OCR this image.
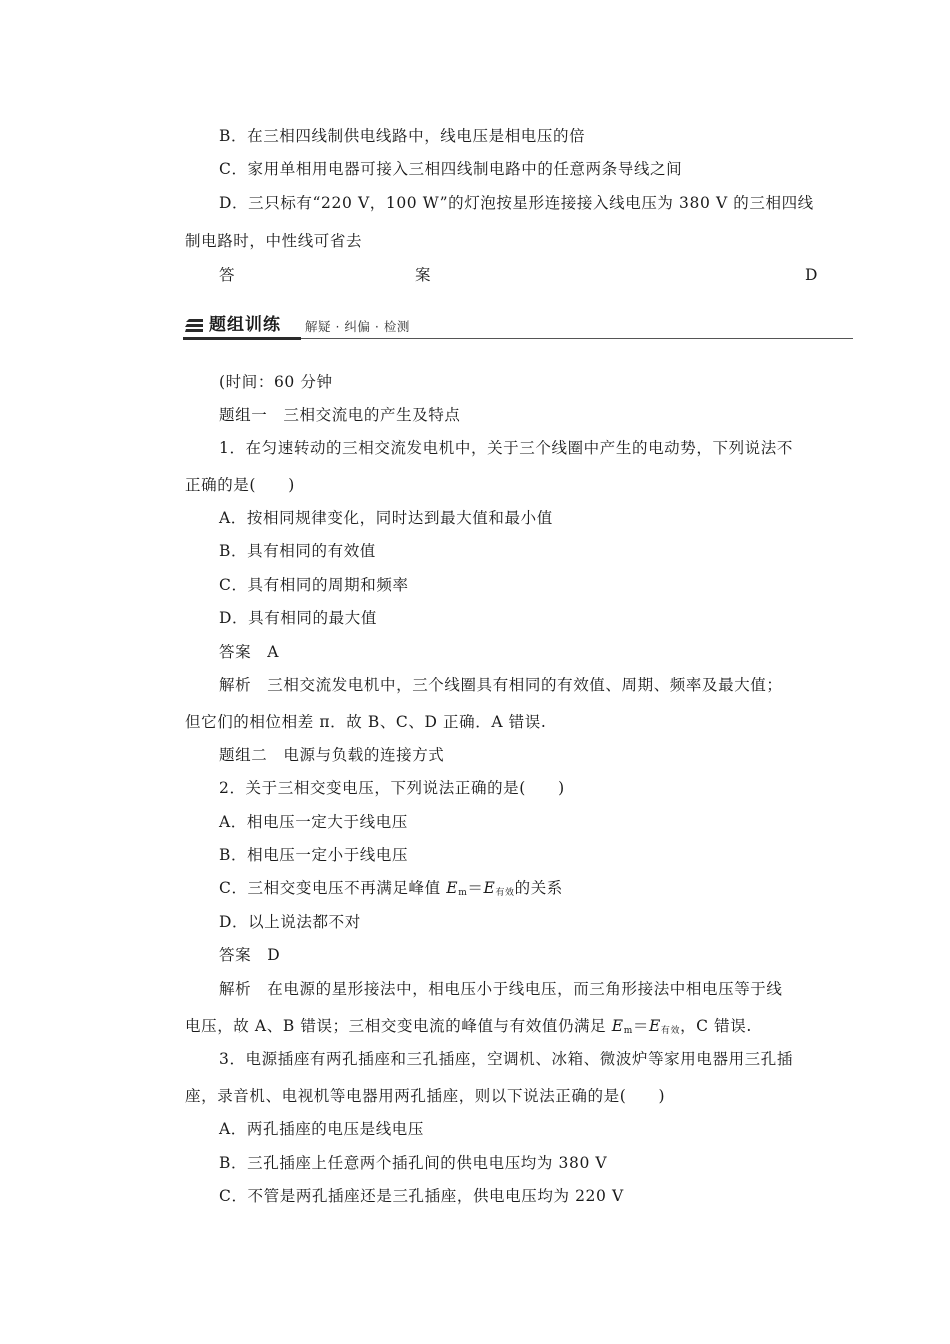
B．在三相四线制供电线路中，线电压是相电压的倍
C．家用单相用电器可接入三相四线制电路中的任意两条导线之间
D．三只标有“220 V，100 W”的灯泡按星形连接接入线电压为 380 V 的三相四线
制电路时，中性线可省去
答	案	D
题组训练 解疑 · 纠偏 · 检测
(时间：60 分钟
题组一　三相交流电的产生及特点
1．在匀速转动的三相交流发电机中，关于三个线圈中产生的电动势，下列说法不
正确的是(　　)
A．按相同规律变化，同时达到最大值和最小值
B．具有相同的有效值
C．具有相同的周期和频率
D．具有相同的最大值
答案　A
解析　三相交流发电机中，三个线圈具有相同的有效值、周期、频率及最大值；
但它们的相位相差 π．故 B、C、D 正确．A 错误.
题组二　电源与负载的连接方式
2．关于三相交变电压，下列说法正确的是(　　)
A．相电压一定大于线电压
B．相电压一定小于线电压
C．三相交变电压不再满足峰值 $E_m=E_{有效}$的关系
D．以上说法都不对
答案　D
解析　在电源的星形接法中，相电压小于线电压，而三角形接法中相电压等于线
电压，故 A、B 错误；三相交变电流的峰值与有效值仍满足 $E_m=E_{有效}$，C 错误.
3．电源插座有两孔插座和三孔插座，空调机、冰箱、微波炉等家用电器用三孔插
座，录音机、电视机等电器用两孔插座，则以下说法正确的是(　　)
A．两孔插座的电压是线电压
B．三孔插座上任意两个插孔间的供电电压均为 380 V
C．不管是两孔插座还是三孔插座，供电电压均为 220 V
